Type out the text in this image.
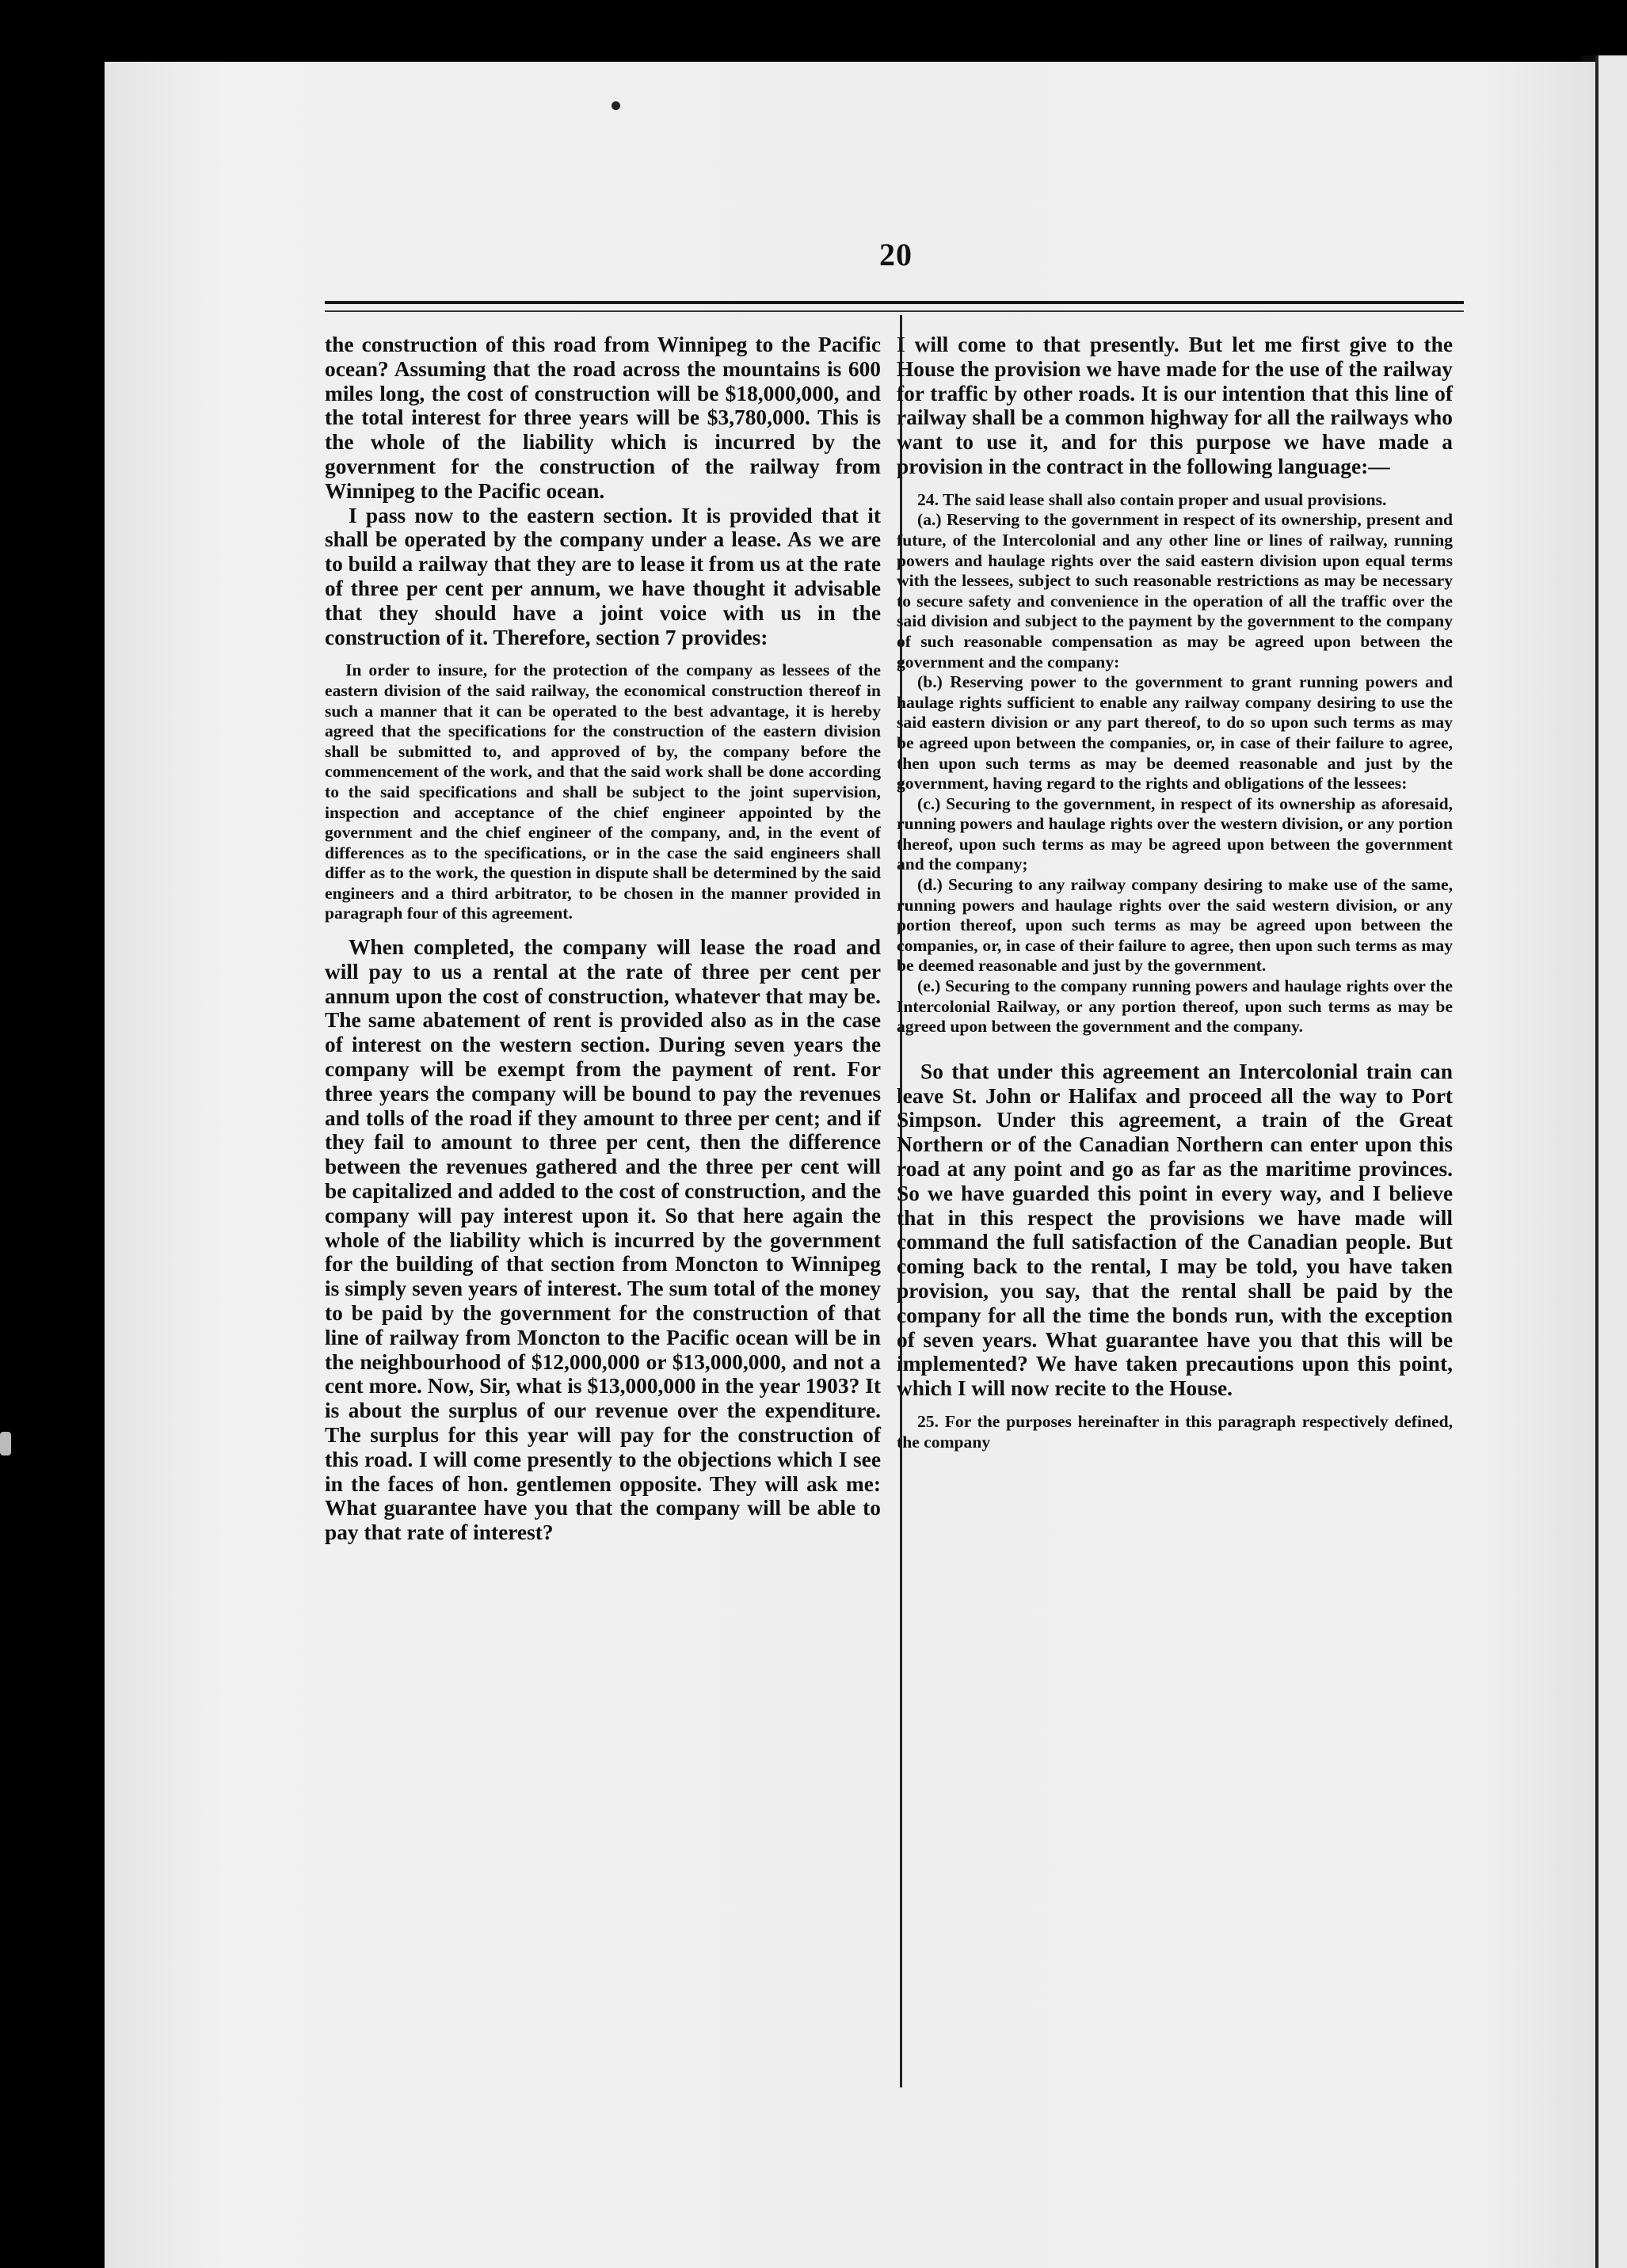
20

the construction of this road from Winnipeg to the Pacific ocean? Assuming that the road across the mountains is 600 miles long, the cost of construction will be $18,000,000, and the total interest for three years will be $3,780,000. This is the whole of the liability which is incurred by the government for the construction of the railway from Winnipeg to the Pacific ocean.

I pass now to the eastern section. It is provided that it shall be operated by the company under a lease. As we are to build a railway that they are to lease it from us at the rate of three per cent per annum, we have thought it advisable that they should have a joint voice with us in the construction of it. Therefore, section 7 provides:

In order to insure, for the protection of the company as lessees of the eastern division of the said railway, the economical construction thereof in such a manner that it can be operated to the best advantage, it is hereby agreed that the specifications for the construction of the eastern division shall be submitted to, and approved of by, the company before the commencement of the work, and that the said work shall be done according to the said specifications and shall be subject to the joint supervision, inspection and acceptance of the chief engineer appointed by the government and the chief engineer of the company, and, in the event of differences as to the specifications, or in the case the said engineers shall differ as to the work, the question in dispute shall be determined by the said engineers and a third arbitrator, to be chosen in the manner provided in paragraph four of this agreement.

When completed, the company will lease the road and will pay to us a rental at the rate of three per cent per annum upon the cost of construction, whatever that may be. The same abatement of rent is provided also as in the case of interest on the western section. During seven years the company will be exempt from the payment of rent. For three years the company will be bound to pay the revenues and tolls of the road if they amount to three per cent; and if they fail to amount to three per cent, then the difference between the revenues gathered and the three per cent will be capitalized and added to the cost of construction, and the company will pay interest upon it. So that here again the whole of the liability which is incurred by the government for the building of that section from Moncton to Winnipeg is simply seven years of interest. The sum total of the money to be paid by the government for the construction of that line of railway from Moncton to the Pacific ocean will be in the neighbourhood of $12,000,000 or $13,000,000, and not a cent more. Now, Sir, what is $13,000,000 in the year 1903? It is about the surplus of our revenue over the expenditure. The surplus for this year will pay for the construction of this road. I will come presently to the objections which I see in the faces of hon. gentlemen opposite. They will ask me: What guarantee have you that the company will be able to pay that rate of interest?

I will come to that presently. But let me first give to the House the provision we have made for the use of the railway for traffic by other roads. It is our intention that this line of railway shall be a common highway for all the railways who want to use it, and for this purpose we have made a provision in the contract in the following language:—

24. The said lease shall also contain proper and usual provisions.

(a.) Reserving to the government in respect of its ownership, present and future, of the Intercolonial and any other line or lines of railway, running powers and haulage rights over the said eastern division upon equal terms with the lessees, subject to such reasonable restrictions as may be necessary to secure safety and convenience in the operation of all the traffic over the said division and subject to the payment by the government to the company of such reasonable compensation as may be agreed upon between the government and the company:

(b.) Reserving power to the government to grant running powers and haulage rights sufficient to enable any railway company desiring to use the said eastern division or any part thereof, to do so upon such terms as may be agreed upon between the companies, or, in case of their failure to agree, then upon such terms as may be deemed reasonable and just by the government, having regard to the rights and obligations of the lessees:

(c.) Securing to the government, in respect of its ownership as aforesaid, running powers and haulage rights over the western division, or any portion thereof, upon such terms as may be agreed upon between the government and the company;

(d.) Securing to any railway company desiring to make use of the same, running powers and haulage rights over the said western division, or any portion thereof, upon such terms as may be agreed upon between the companies, or, in case of their failure to agree, then upon such terms as may be deemed reasonable and just by the government.

(e.) Securing to the company running powers and haulage rights over the Intercolonial Railway, or any portion thereof, upon such terms as may be agreed upon between the government and the company.

So that under this agreement an Intercolonial train can leave St. John or Halifax and proceed all the way to Port Simpson. Under this agreement, a train of the Great Northern or of the Canadian Northern can enter upon this road at any point and go as far as the maritime provinces. So we have guarded this point in every way, and I believe that in this respect the provisions we have made will command the full satisfaction of the Canadian people. But coming back to the rental, I may be told, you have taken provision, you say, that the rental shall be paid by the company for all the time the bonds run, with the exception of seven years. What guarantee have you that this will be implemented? We have taken precautions upon this point, which I will now recite to the House.

25. For the purposes hereinafter in this paragraph respectively defined, the company
